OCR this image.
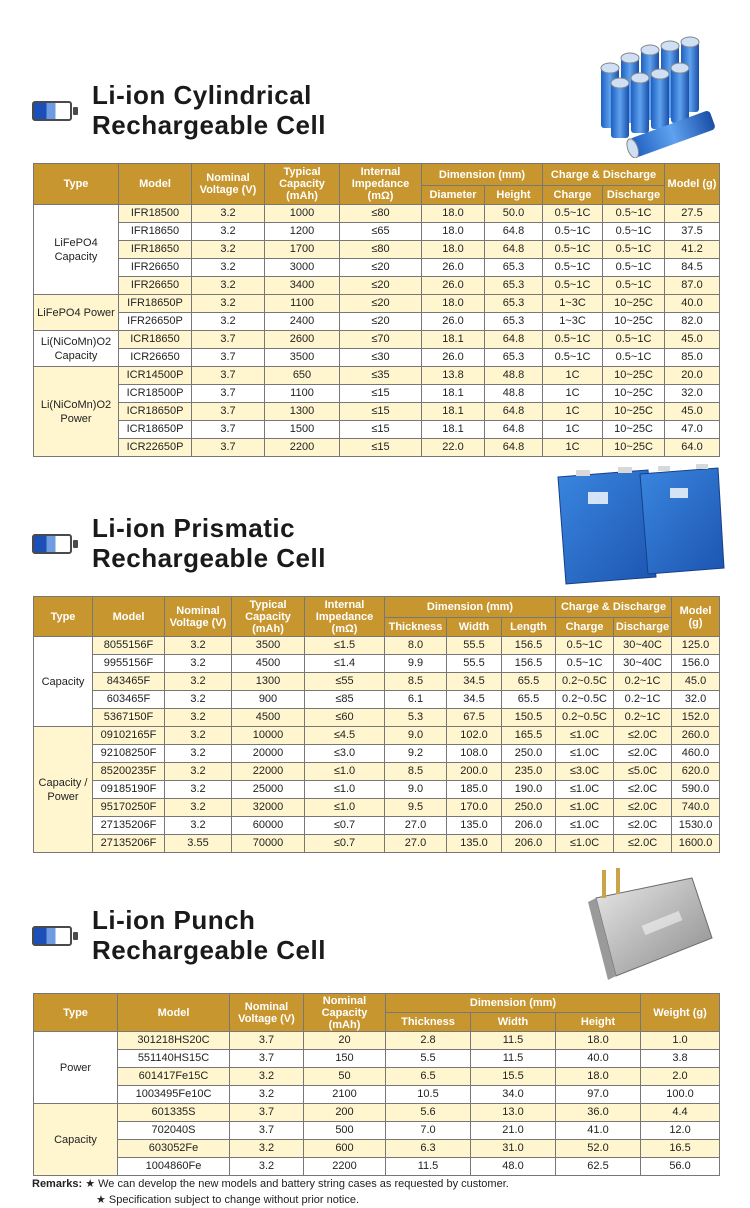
Li-ion Cylindrical
Rechargeable Cell
Type	Model	Nominal Voltage (V)	Typical Capacity (mAh)	Internal Impedance (mΩ)	Dimension (mm)		Charge & Discharge		Model (g)
					Diameter	Height	Charge	Discharge	
LiFePO4 Capacity	IFR18500	3.2	1000	≤80	18.0	50.0	0.5~1C	0.5~1C	27.5
	IFR18650	3.2	1200	≤65	18.0	64.8	0.5~1C	0.5~1C	37.5
	IFR18650	3.2	1700	≤80	18.0	64.8	0.5~1C	0.5~1C	41.2
	IFR26650	3.2	3000	≤20	26.0	65.3	0.5~1C	0.5~1C	84.5
	IFR26650	3.2	3400	≤20	26.0	65.3	0.5~1C	0.5~1C	87.0
LiFePO4 Power	IFR18650P	3.2	1100	≤20	18.0	65.3	1~3C	10~25C	40.0
	IFR26650P	3.2	2400	≤20	26.0	65.3	1~3C	10~25C	82.0
Li(NiCoMn)O2 Capacity	ICR18650	3.7	2600	≤70	18.1	64.8	0.5~1C	0.5~1C	45.0
	ICR26650	3.7	3500	≤30	26.0	65.3	0.5~1C	0.5~1C	85.0
Li(NiCoMn)O2 Power	ICR14500P	3.7	650	≤35	13.8	48.8	1C	10~25C	20.0
	ICR18500P	3.7	1100	≤15	18.1	48.8	1C	10~25C	32.0
	ICR18650P	3.7	1300	≤15	18.1	64.8	1C	10~25C	45.0
	ICR18650P	3.7	1500	≤15	18.1	64.8	1C	10~25C	47.0
	ICR22650P	3.7	2200	≤15	22.0	64.8	1C	10~25C	64.0
Li-ion Prismatic
Rechargeable Cell
Type	Model	Nominal Voltage (V)	Typical Capacity (mAh)	Internal Impedance (mΩ)	Dimension (mm)			Charge & Discharge		Model (g)
					Thickness	Width	Length	Charge	Discharge	
Capacity	8055156F	3.2	3500	≤1.5	8.0	55.5	156.5	0.5~1C	30~40C	125.0
	9955156F	3.2	4500	≤1.4	9.9	55.5	156.5	0.5~1C	30~40C	156.0
	843465F	3.2	1300	≤55	8.5	34.5	65.5	0.2~0.5C	0.2~1C	45.0
	603465F	3.2	900	≤85	6.1	34.5	65.5	0.2~0.5C	0.2~1C	32.0
	5367150F	3.2	4500	≤60	5.3	67.5	150.5	0.2~0.5C	0.2~1C	152.0
Capacity / Power	09102165F	3.2	10000	≤4.5	9.0	102.0	165.5	≤1.0C	≤2.0C	260.0
	92108250F	3.2	20000	≤3.0	9.2	108.0	250.0	≤1.0C	≤2.0C	460.0
	85200235F	3.2	22000	≤1.0	8.5	200.0	235.0	≤3.0C	≤5.0C	620.0
	09185190F	3.2	25000	≤1.0	9.0	185.0	190.0	≤1.0C	≤2.0C	590.0
	95170250F	3.2	32000	≤1.0	9.5	170.0	250.0	≤1.0C	≤2.0C	740.0
	27135206F	3.2	60000	≤0.7	27.0	135.0	206.0	≤1.0C	≤2.0C	1530.0
	27135206F	3.55	70000	≤0.7	27.0	135.0	206.0	≤1.0C	≤2.0C	1600.0
Li-ion Punch
Rechargeable Cell
Type	Model	Nominal Voltage (V)	Nominal Capacity (mAh)	Dimension (mm)			Weight (g)
				Thickness	Width	Height	
Power	301218HS20C	3.7	20	2.8	11.5	18.0	1.0
	551140HS15C	3.7	150	5.5	11.5	40.0	3.8
	601417Fe15C	3.2	50	6.5	15.5	18.0	2.0
	1003495Fe10C	3.2	2100	10.5	34.0	97.0	100.0
Capacity	601335S	3.7	200	5.6	13.0	36.0	4.4
	702040S	3.7	500	7.0	21.0	41.0	12.0
	603052Fe	3.2	600	6.3	31.0	52.0	16.5
	1004860Fe	3.2	2200	11.5	48.0	62.5	56.0
Remarks: ★ We can develop the new models and battery string cases as requested by customer.
★ Specification subject to change without prior notice.
